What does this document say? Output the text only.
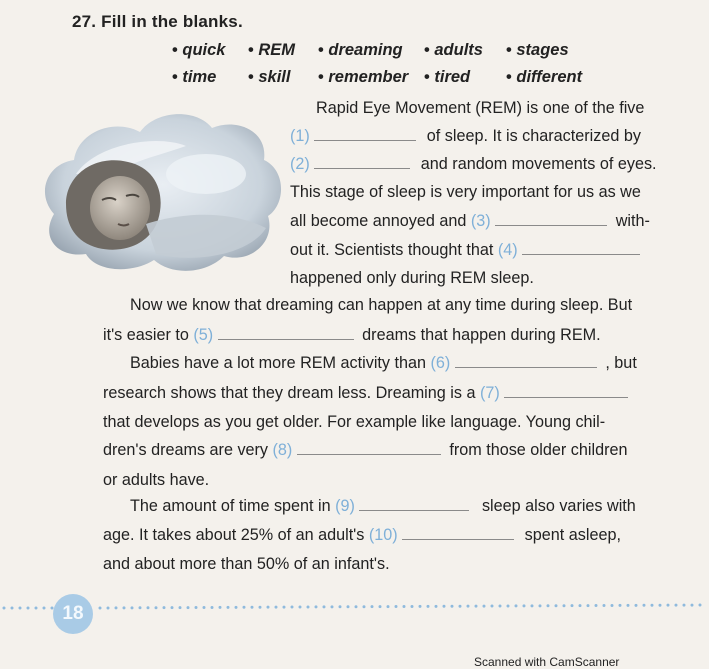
27. Fill in the blanks.
• quick	• REM	• dreaming	• adults	• stages
• time	• skill	• remember	• tired	• different
Rapid Eye Movement (REM) is one of the five
(1)	of sleep. It is characterized by
(2)	and random movements of eyes.
This stage of sleep is very important for us as we
all become annoyed and (3)	with-
out it. Scientists thought that (4)
happened only during REM sleep.
Now we know that dreaming can happen at any time during sleep. But
it's easier to (5)	dreams that happen during REM.
Babies have a lot more REM activity than (6)	, but
research shows that they dream less. Dreaming is a (7)
that develops as you get older. For example like language. Young chil-
dren's dreams are very (8)	from those older children
or adults have.
The amount of time spent in (9)	sleep also varies with
age. It takes about 25% of an adult's (10)	spent asleep,
and about more than 50% of an infant's.
18
Scanned with CamScanner
